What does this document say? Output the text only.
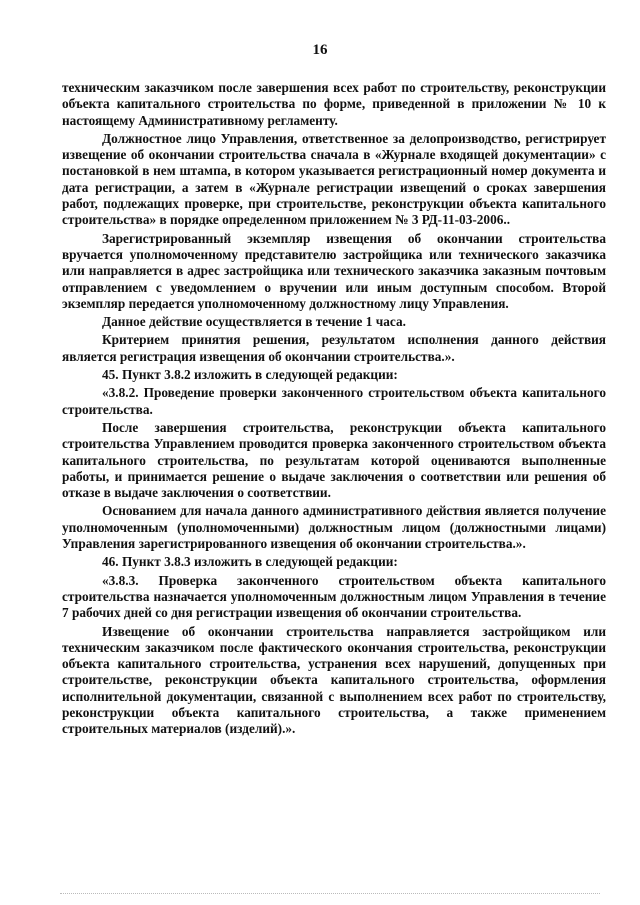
16

техническим заказчиком после завершения всех работ по строительству, реконструкции объекта капитального строительства по форме, приведенной в приложении № 10 к настоящему Административному регламенту.

Должностное лицо Управления, ответственное за делопроизводство, регистрирует извещение об окончании строительства сначала в «Журнале входящей документации» с постановкой в нем штампа, в котором указывается регистрационный номер документа и дата регистрации, а затем в «Журнале регистрации извещений о сроках завершения работ, подлежащих проверке, при строительстве, реконструкции объекта капитального строительства» в порядке определенном приложением № 3 РД-11-03-2006..

Зарегистрированный экземпляр извещения об окончании строительства вручается уполномоченному представителю застройщика или технического заказчика или направляется в адрес застройщика или технического заказчика заказным почтовым отправлением с уведомлением о вручении или иным доступным способом. Второй экземпляр передается уполномоченному должностному лицу Управления.

Данное действие осуществляется в течение 1 часа.

Критерием принятия решения, результатом исполнения данного действия является регистрация извещения об окончании строительства.».

45. Пункт 3.8.2 изложить в следующей редакции:

«3.8.2. Проведение проверки законченного строительством объекта капитального строительства.

После завершения строительства, реконструкции объекта капитального строительства Управлением проводится проверка законченного строительством объекта капитального строительства, по результатам которой оцениваются выполненные работы, и принимается решение о выдаче заключения о соответствии или решения об отказе в выдаче заключения о соответствии.

Основанием для начала данного административного действия является получение уполномоченным (уполномоченными) должностным лицом (должностными лицами) Управления зарегистрированного извещения об окончании строительства.».

46. Пункт 3.8.3 изложить в следующей редакции:

«3.8.3. Проверка законченного строительством объекта капитального строительства назначается уполномоченным должностным лицом Управления в течение 7 рабочих дней со дня регистрации извещения об окончании строительства.

Извещение об окончании строительства направляется застройщиком или техническим заказчиком после фактического окончания строительства, реконструкции объекта капитального строительства, устранения всех нарушений, допущенных при строительстве, реконструкции объекта капитального строительства, оформления исполнительной документации, связанной с выполнением всех работ по строительству, реконструкции объекта капитального строительства, а также применением строительных материалов (изделий).».
